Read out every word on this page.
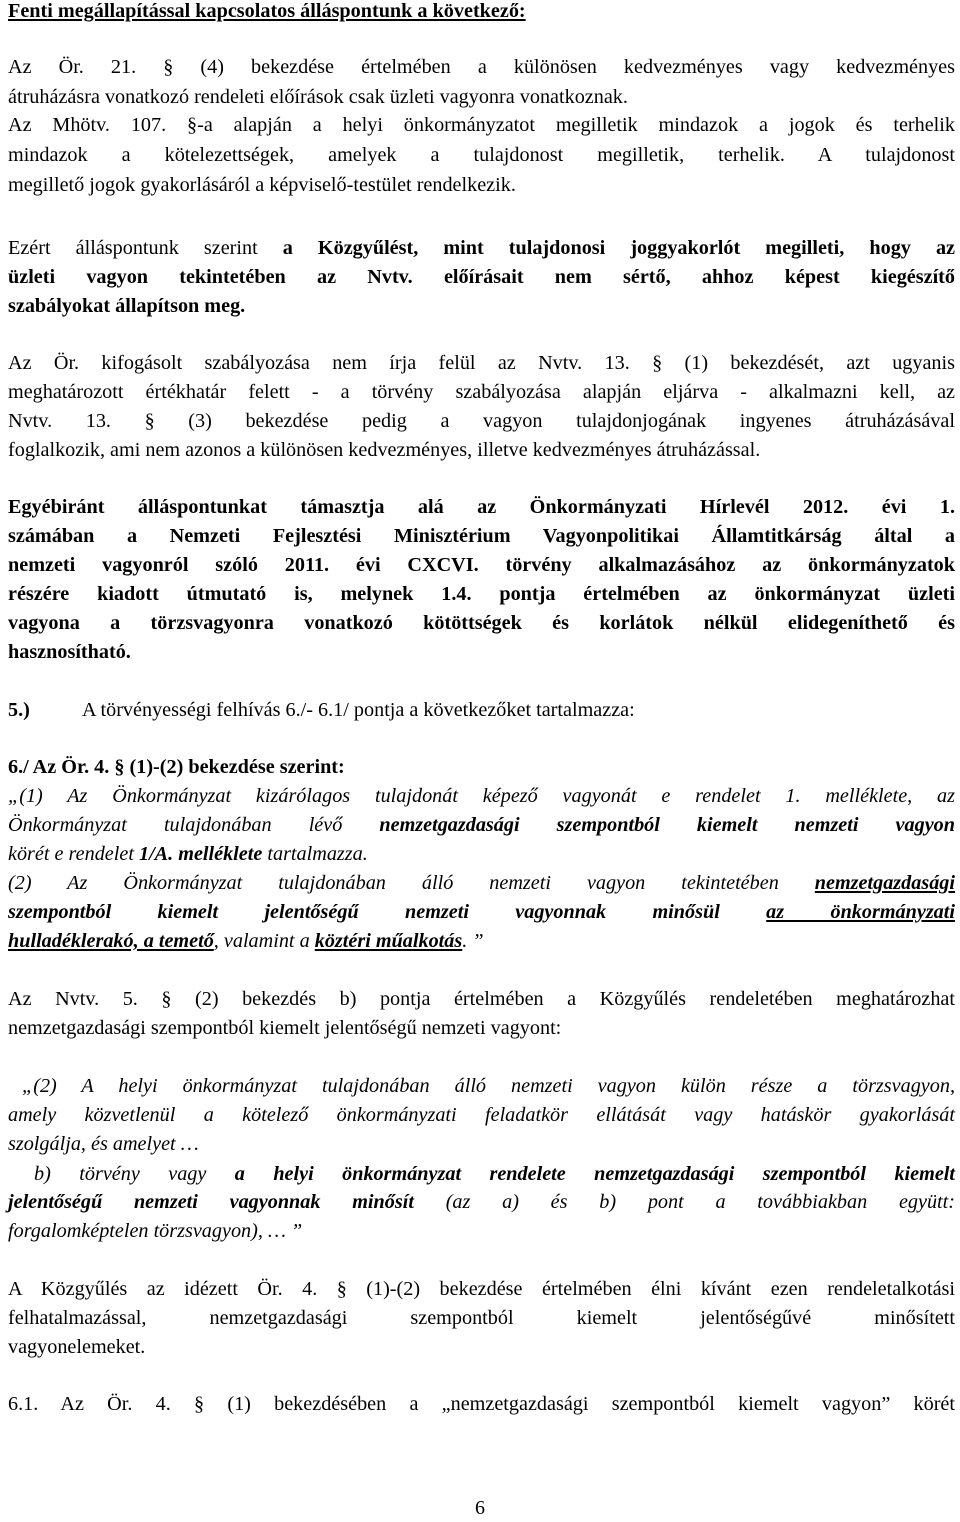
Fenti megállapítással kapcsolatos álláspontunk a következő:
Az Ör. 21. § (4) bekezdése értelmében a különösen kedvezményes vagy kedvezményes
átruházásra vonatkozó rendeleti előírások csak üzleti vagyonra vonatkoznak.
Az Mhötv. 107. §-a alapján a helyi önkormányzatot megilletik mindazok a jogok és terhelik
mindazok a kötelezettségek, amelyek a tulajdonost megilletik, terhelik. A tulajdonost
megillető jogok gyakorlásáról a képviselő-testület rendelkezik.
Ezért álláspontunk szerint a Közgyűlést, mint tulajdonosi joggyakorlót megilleti, hogy az
üzleti vagyon tekintetében az Nvtv. előírásait nem sértő, ahhoz képest kiegészítő
szabályokat állapítson meg.
Az Ör. kifogásolt szabályozása nem írja felül az Nvtv. 13. § (1) bekezdését, azt ugyanis
meghatározott értékhatár felett - a törvény szabályozása alapján eljárva - alkalmazni kell, az
Nvtv. 13. § (3) bekezdése pedig a vagyon tulajdonjogának ingyenes átruházásával
foglalkozik, ami nem azonos a különösen kedvezményes, illetve kedvezményes átruházással.
Egyébiránt álláspontunkat támasztja alá az Önkormányzati Hírlevél 2012. évi 1.
számában a Nemzeti Fejlesztési Minisztérium Vagyonpolitikai Államtitkárság által a
nemzeti vagyonról szóló 2011. évi CXCVI. törvény alkalmazásához az önkormányzatok
részére kiadott útmutató is, melynek 1.4. pontja értelmében az önkormányzat üzleti
vagyona a törzsvagyonra vonatkozó kötöttségek és korlátok nélkül elidegeníthető és
hasznosítható.
5.)	A törvényességi felhívás 6./- 6.1/ pontja a következőket tartalmazza:
6./ Az Ör. 4. § (1)-(2) bekezdése szerint:
„(1) Az Önkormányzat kizárólagos tulajdonát képező vagyonát e rendelet 1. melléklete, az
Önkormányzat tulajdonában lévő nemzetgazdasági szempontból kiemelt nemzeti vagyon
körét e rendelet 1/A. melléklete tartalmazza.
(2) Az Önkormányzat tulajdonában álló nemzeti vagyon tekintetében nemzetgazdasági
szempontból kiemelt jelentőségű nemzeti vagyonnak minősül az önkormányzati
hulladéklerakó, a temető, valamint a köztéri műalkotás. ”
Az Nvtv. 5. § (2) bekezdés b) pontja értelmében a Közgyűlés rendeletében meghatározhat
nemzetgazdasági szempontból kiemelt jelentőségű nemzeti vagyont:
„(2) A helyi önkormányzat tulajdonában álló nemzeti vagyon külön része a törzsvagyon,
amely közvetlenül a kötelező önkormányzati feladatkör ellátását vagy hatáskör gyakorlását
szolgálja, és amelyet …
b) törvény vagy a helyi önkormányzat rendelete nemzetgazdasági szempontból kiemelt
jelentőségű nemzeti vagyonnak minősít (az a) és b) pont a továbbiakban együtt:
forgalomképtelen törzsvagyon), … ”
A Közgyűlés az idézett Ör. 4. § (1)-(2) bekezdése értelmében élni kívánt ezen rendeletalkotási
felhatalmazással, nemzetgazdasági szempontból kiemelt jelentőségűvé minősített
vagyonelemeket.
6.1. Az Ör. 4. § (1) bekezdésében a „nemzetgazdasági szempontból kiemelt vagyon” körét
6
